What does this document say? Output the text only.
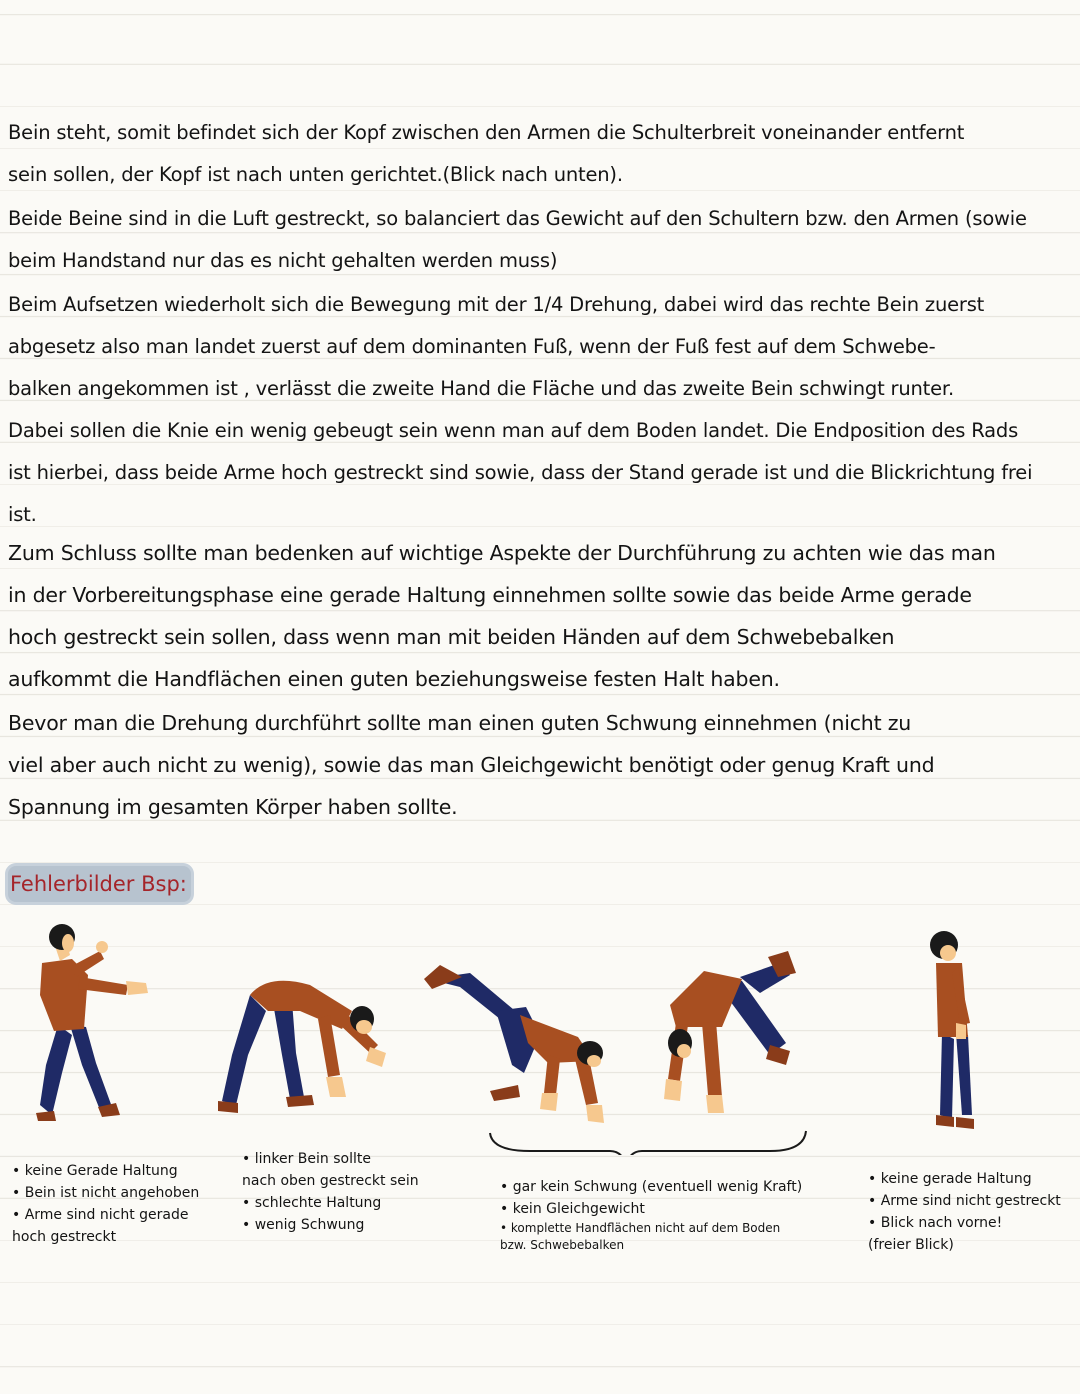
Bein steht, somit befindet sich der Kopf zwischen den Armen die Schulterbreit voneinander entfernt
sein sollen, der Kopf ist nach unten gerichtet.(Blick nach unten).
Beide Beine sind in die Luft gestreckt, so balanciert das Gewicht auf den Schultern bzw. den Armen (sowie
beim Handstand nur das es nicht gehalten werden muss)
Beim Aufsetzen wiederholt sich die Bewegung mit der 1/4 Drehung, dabei wird das rechte Bein zuerst
abgesetz also man landet zuerst auf dem dominanten Fuß, wenn der Fuß fest auf dem Schwebe-
balken angekommen ist , verlässt die zweite Hand die Fläche und das zweite Bein schwingt runter.
Dabei sollen die Knie ein wenig gebeugt sein wenn man auf dem Boden landet. Die Endposition des Rads
ist hierbei, dass beide Arme hoch gestreckt sind sowie, dass der Stand gerade ist und die Blickrichtung frei
ist.
Zum Schluss sollte man bedenken auf wichtige Aspekte der Durchführung zu achten wie das man
in der Vorbereitungsphase eine gerade Haltung einnehmen sollte sowie das beide Arme gerade
hoch gestreckt sein sollen, dass wenn man mit beiden Händen auf dem Schwebebalken
aufkommt die Handflächen einen guten beziehungsweise festen Halt haben.
Bevor man die Drehung durchführt sollte man einen guten Schwung einnehmen (nicht zu
viel aber auch nicht zu wenig), sowie das man Gleichgewicht benötigt oder genug Kraft und
Spannung im gesamten Körper haben sollte.
Fehlerbilder Bsp:
• keine Gerade Haltung
• Bein ist nicht angehoben
• Arme sind nicht gerade
hoch gestreckt
• linker Bein sollte
nach oben gestreckt sein
• schlechte Haltung
• wenig Schwung
• gar kein Schwung (eventuell wenig Kraft)
• kein Gleichgewicht
• komplette Handflächen nicht auf dem Boden
bzw. Schwebebalken
• keine gerade Haltung
• Arme sind nicht gestreckt
• Blick nach vorne!
(freier Blick)
